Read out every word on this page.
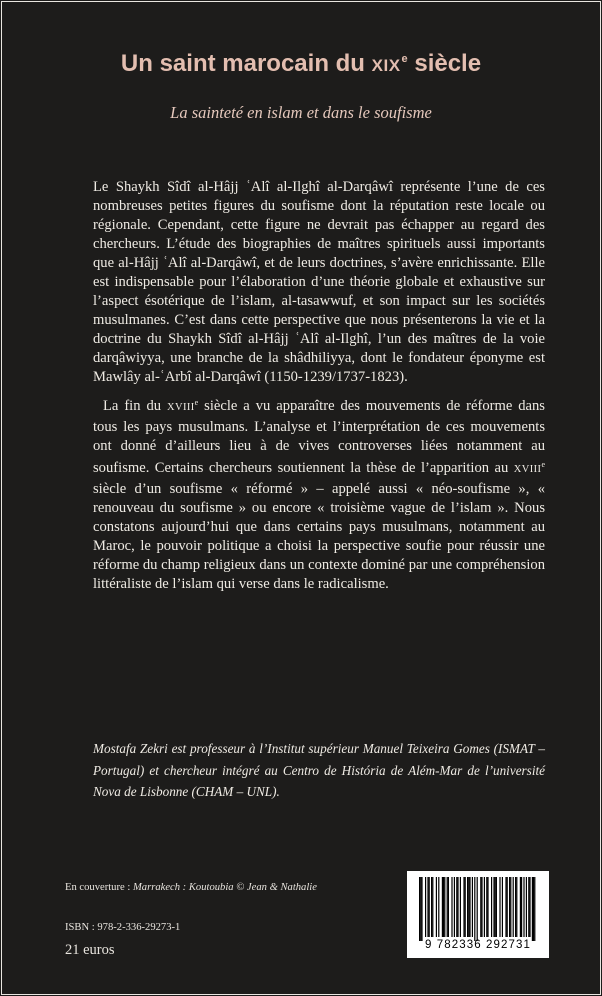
Un saint marocain du XIXe siècle
La sainteté en islam et dans le soufisme

Le Shaykh Sîdî al-Hâjj ʿAlî al-Ilghî al-Darqâwî représente l’une de ces nombreuses petites figures du soufisme dont la réputation reste locale ou régionale. Cependant, cette figure ne devrait pas échapper au regard des chercheurs. L’étude des biographies de maîtres spirituels aussi importants que al-Hâjj ʿAlî al-Darqâwî, et de leurs doctrines, s’avère enrichissante. Elle est indispensable pour l’élaboration d’une théorie globale et exhaustive sur l’aspect ésotérique de l’islam, al-tasawwuf, et son impact sur les sociétés musulmanes. C’est dans cette perspective que nous présenterons la vie et la doctrine du Shaykh Sîdî al-Hâjj ʿAlî al-Ilghî, l’un des maîtres de la voie darqâwiyya, une branche de la shâdhiliyya, dont le fondateur éponyme est Mawlây al-ʿArbî al-Darqâwî (1150-1239/1737-1823).

La fin du XVIIIe siècle a vu apparaître des mouvements de réforme dans tous les pays musulmans. L’analyse et l’interprétation de ces mouvements ont donné d’ailleurs lieu à de vives controverses liées notamment au soufisme. Certains chercheurs soutiennent la thèse de l’apparition au XVIIIe siècle d’un soufisme « réformé » – appelé aussi « néo-soufisme », « renouveau du soufisme » ou encore « troisième vague de l’islam ». Nous constatons aujourd’hui que dans certains pays musulmans, notamment au Maroc, le pouvoir politique a choisi la perspective soufie pour réussir une réforme du champ religieux dans un contexte dominé par une compréhension littéraliste de l’islam qui verse dans le radicalisme.

Mostafa Zekri est professeur à l’Institut supérieur Manuel Teixeira Gomes (ISMAT – Portugal) et chercheur intégré au Centro de História de Além-Mar de l’université Nova de Lisbonne (CHAM – UNL).
En couverture : Marrakech : Koutoubia © Jean & Nathalie
ISBN : 978-2-336-29273-1
21 euros	9 782336 292731
